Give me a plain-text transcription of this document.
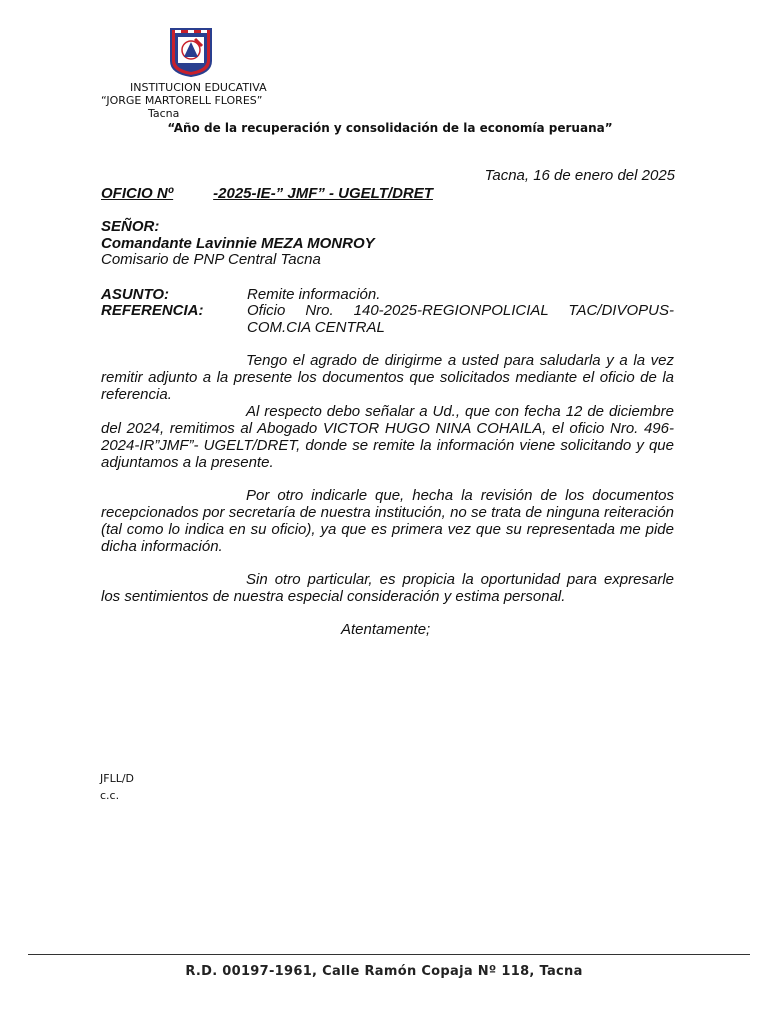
INSTITUCION EDUCATIVA
“JORGE MARTORELL FLORES”
Tacna
“Año de la recuperación y consolidación de la economía peruana”
Tacna, 16 de enero del 2025
OFICIO Nº	-2025-IE-” JMF” - UGELT/DRET
SEÑOR:
Comandante Lavinnie MEZA MONROY
Comisario de PNP Central Tacna
ASUNTO:	Remite información.
REFERENCIA:	Oficio Nro. 140-2025-REGIONPOLICIAL TAC/DIVOPUS-COM.CIA CENTRAL

Tengo el agrado de dirigirme a usted para saludarla y a la vez remitir adjunto a la presente los documentos que solicitados mediante el oficio de la referencia.

Al respecto debo señalar a Ud., que con fecha 12 de diciembre del 2024, remitimos al Abogado VICTOR HUGO NINA COHAILA, el oficio Nro. 496-2024-IR”JMF”- UGELT/DRET, donde se remite la información viene solicitando y que adjuntamos a la presente.

Por otro indicarle que, hecha la revisión de los documentos recepcionados por secretaría de nuestra institución, no se trata de ninguna reiteración (tal como lo indica en su oficio), ya que es primera vez que su representada me pide dicha información.

Sin otro particular, es propicia la oportunidad para expresarle los sentimientos de nuestra especial consideración y estima personal.

Atentamente;
JFLL/D
c.c.
R.D. 00197-1961, Calle Ramón Copaja Nº 118, Tacna
